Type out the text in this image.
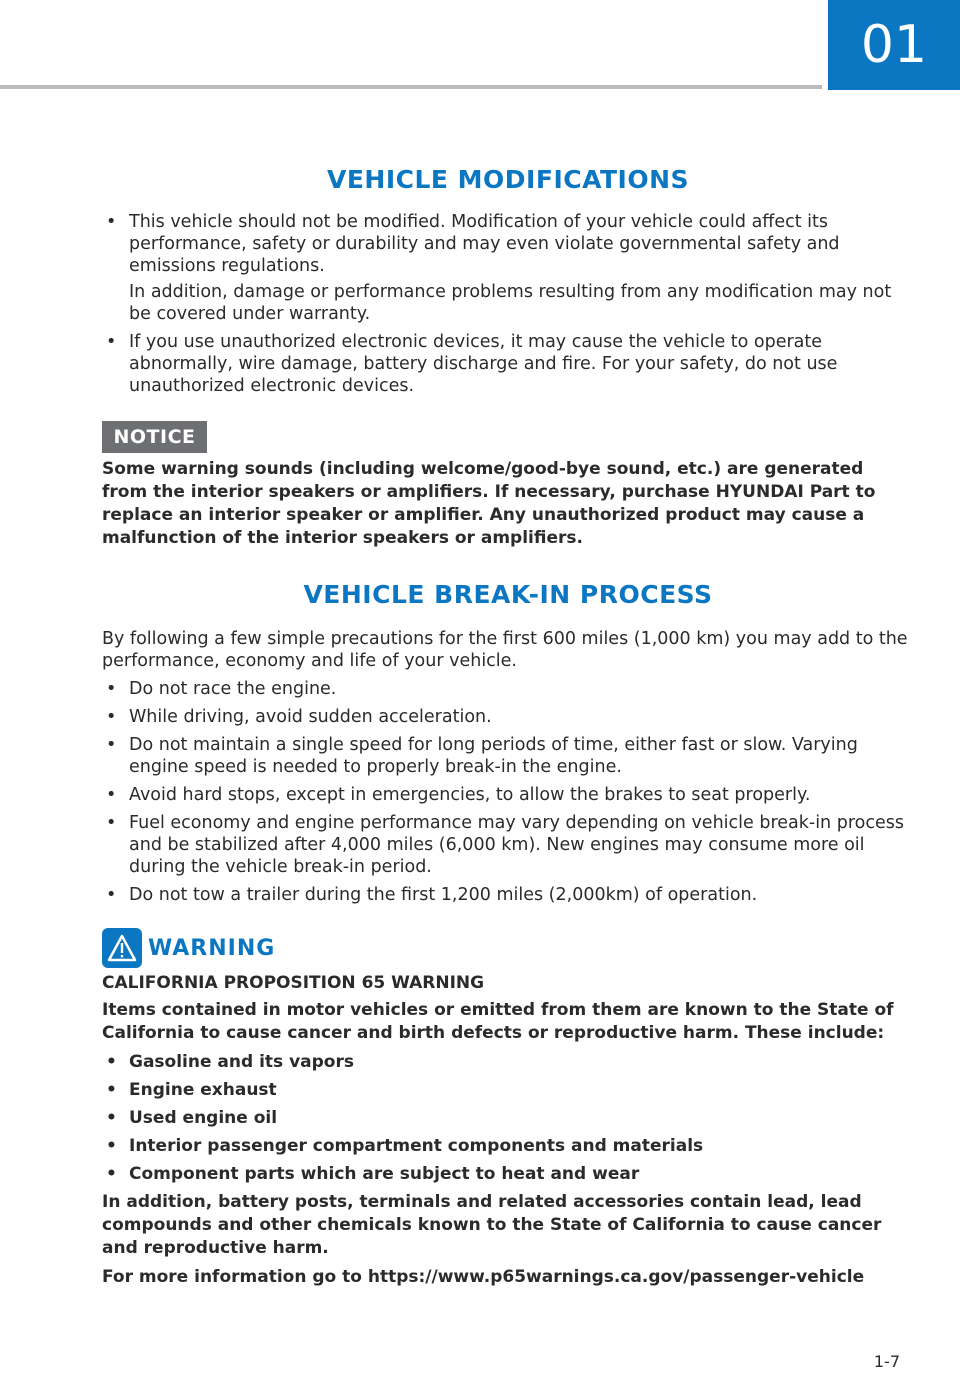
01
VEHICLE MODIFICATIONS
• This vehicle should not be modified. Modification of your vehicle could affect its performance, safety or durability and may even violate governmental safety and emissions regulations.

In addition, damage or performance problems resulting from any modification may not be covered under warranty.

• If you use unauthorized electronic devices, it may cause the vehicle to operate abnormally, wire damage, battery discharge and fire. For your safety, do not use unauthorized electronic devices.
NOTICE

Some warning sounds (including welcome/good-bye sound, etc.) are generated from the interior speakers or amplifiers. If necessary, purchase HYUNDAI Part to replace an interior speaker or amplifier. Any unauthorized product may cause a malfunction of the interior speakers or amplifiers.

VEHICLE BREAK-IN PROCESS

By following a few simple precautions for the first 600 miles (1,000 km) you may add to the performance, economy and life of your vehicle.

• Do not race the engine.
• While driving, avoid sudden acceleration.
• Do not maintain a single speed for long periods of time, either fast or slow. Varying engine speed is needed to properly break-in the engine.
• Avoid hard stops, except in emergencies, to allow the brakes to seat properly.
• Fuel economy and engine performance may vary depending on vehicle break-in process and be stabilized after 4,000 miles (6,000 km). New engines may consume more oil during the vehicle break-in period.
• Do not tow a trailer during the first 1,200 miles (2,000km) of operation.
WARNING

CALIFORNIA PROPOSITION 65 WARNING

Items contained in motor vehicles or emitted from them are known to the State of California to cause cancer and birth defects or reproductive harm. These include:

• Gasoline and its vapors
• Engine exhaust
• Used engine oil
• Interior passenger compartment components and materials
• Component parts which are subject to heat and wear

In addition, battery posts, terminals and related accessories contain lead, lead compounds and other chemicals known to the State of California to cause cancer and reproductive harm.

For more information go to https://www.p65warnings.ca.gov/passenger-vehicle

1-7
